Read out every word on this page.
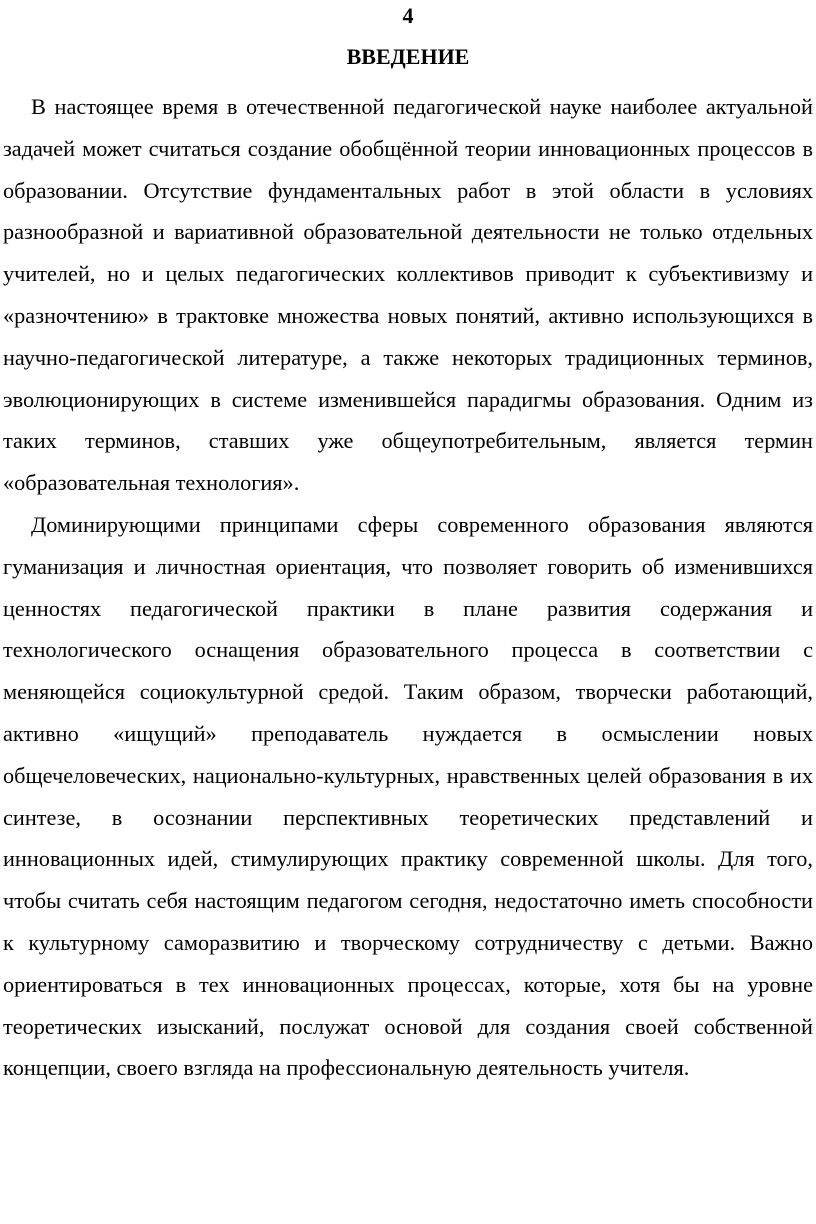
4
ВВЕДЕНИЕ

В настоящее время в отечественной педагогической науке наиболее актуальной задачей может считаться создание обобщённой теории инновационных процессов в образовании. Отсутствие фундаментальных работ в этой области в условиях разнообразной и вариативной образовательной деятельности не только отдельных учителей, но и целых педагогических коллективов приводит к субъективизму и «разночтению» в трактовке множества новых понятий, активно использующихся в научно-педагогической литературе, а также некоторых традиционных терминов, эволюционирующих в системе изменившейся парадигмы образования. Одним из таких терминов, ставших уже общеупотребительным, является термин «образовательная технология».

Доминирующими принципами сферы современного образования являются гуманизация и личностная ориентация, что позволяет говорить об изменившихся ценностях педагогической практики в плане развития содержания и технологического оснащения образовательного процесса в соответствии с меняющейся социокультурной средой. Таким образом, творчески работающий, активно «ищущий» преподаватель нуждается в осмыслении новых общечеловеческих, национально-культурных, нравственных целей образования в их синтезе, в осознании перспективных теоретических представлений и инновационных идей, стимулирующих практику современной школы. Для того, чтобы считать себя настоящим педагогом сегодня, недостаточно иметь способности к культурному саморазвитию и творческому сотрудничеству с детьми. Важно ориентироваться в тех инновационных процессах, которые, хотя бы на уровне теоретических изысканий, послужат основой для создания своей собственной концепции, своего взгляда на профессиональную деятельность учителя.
